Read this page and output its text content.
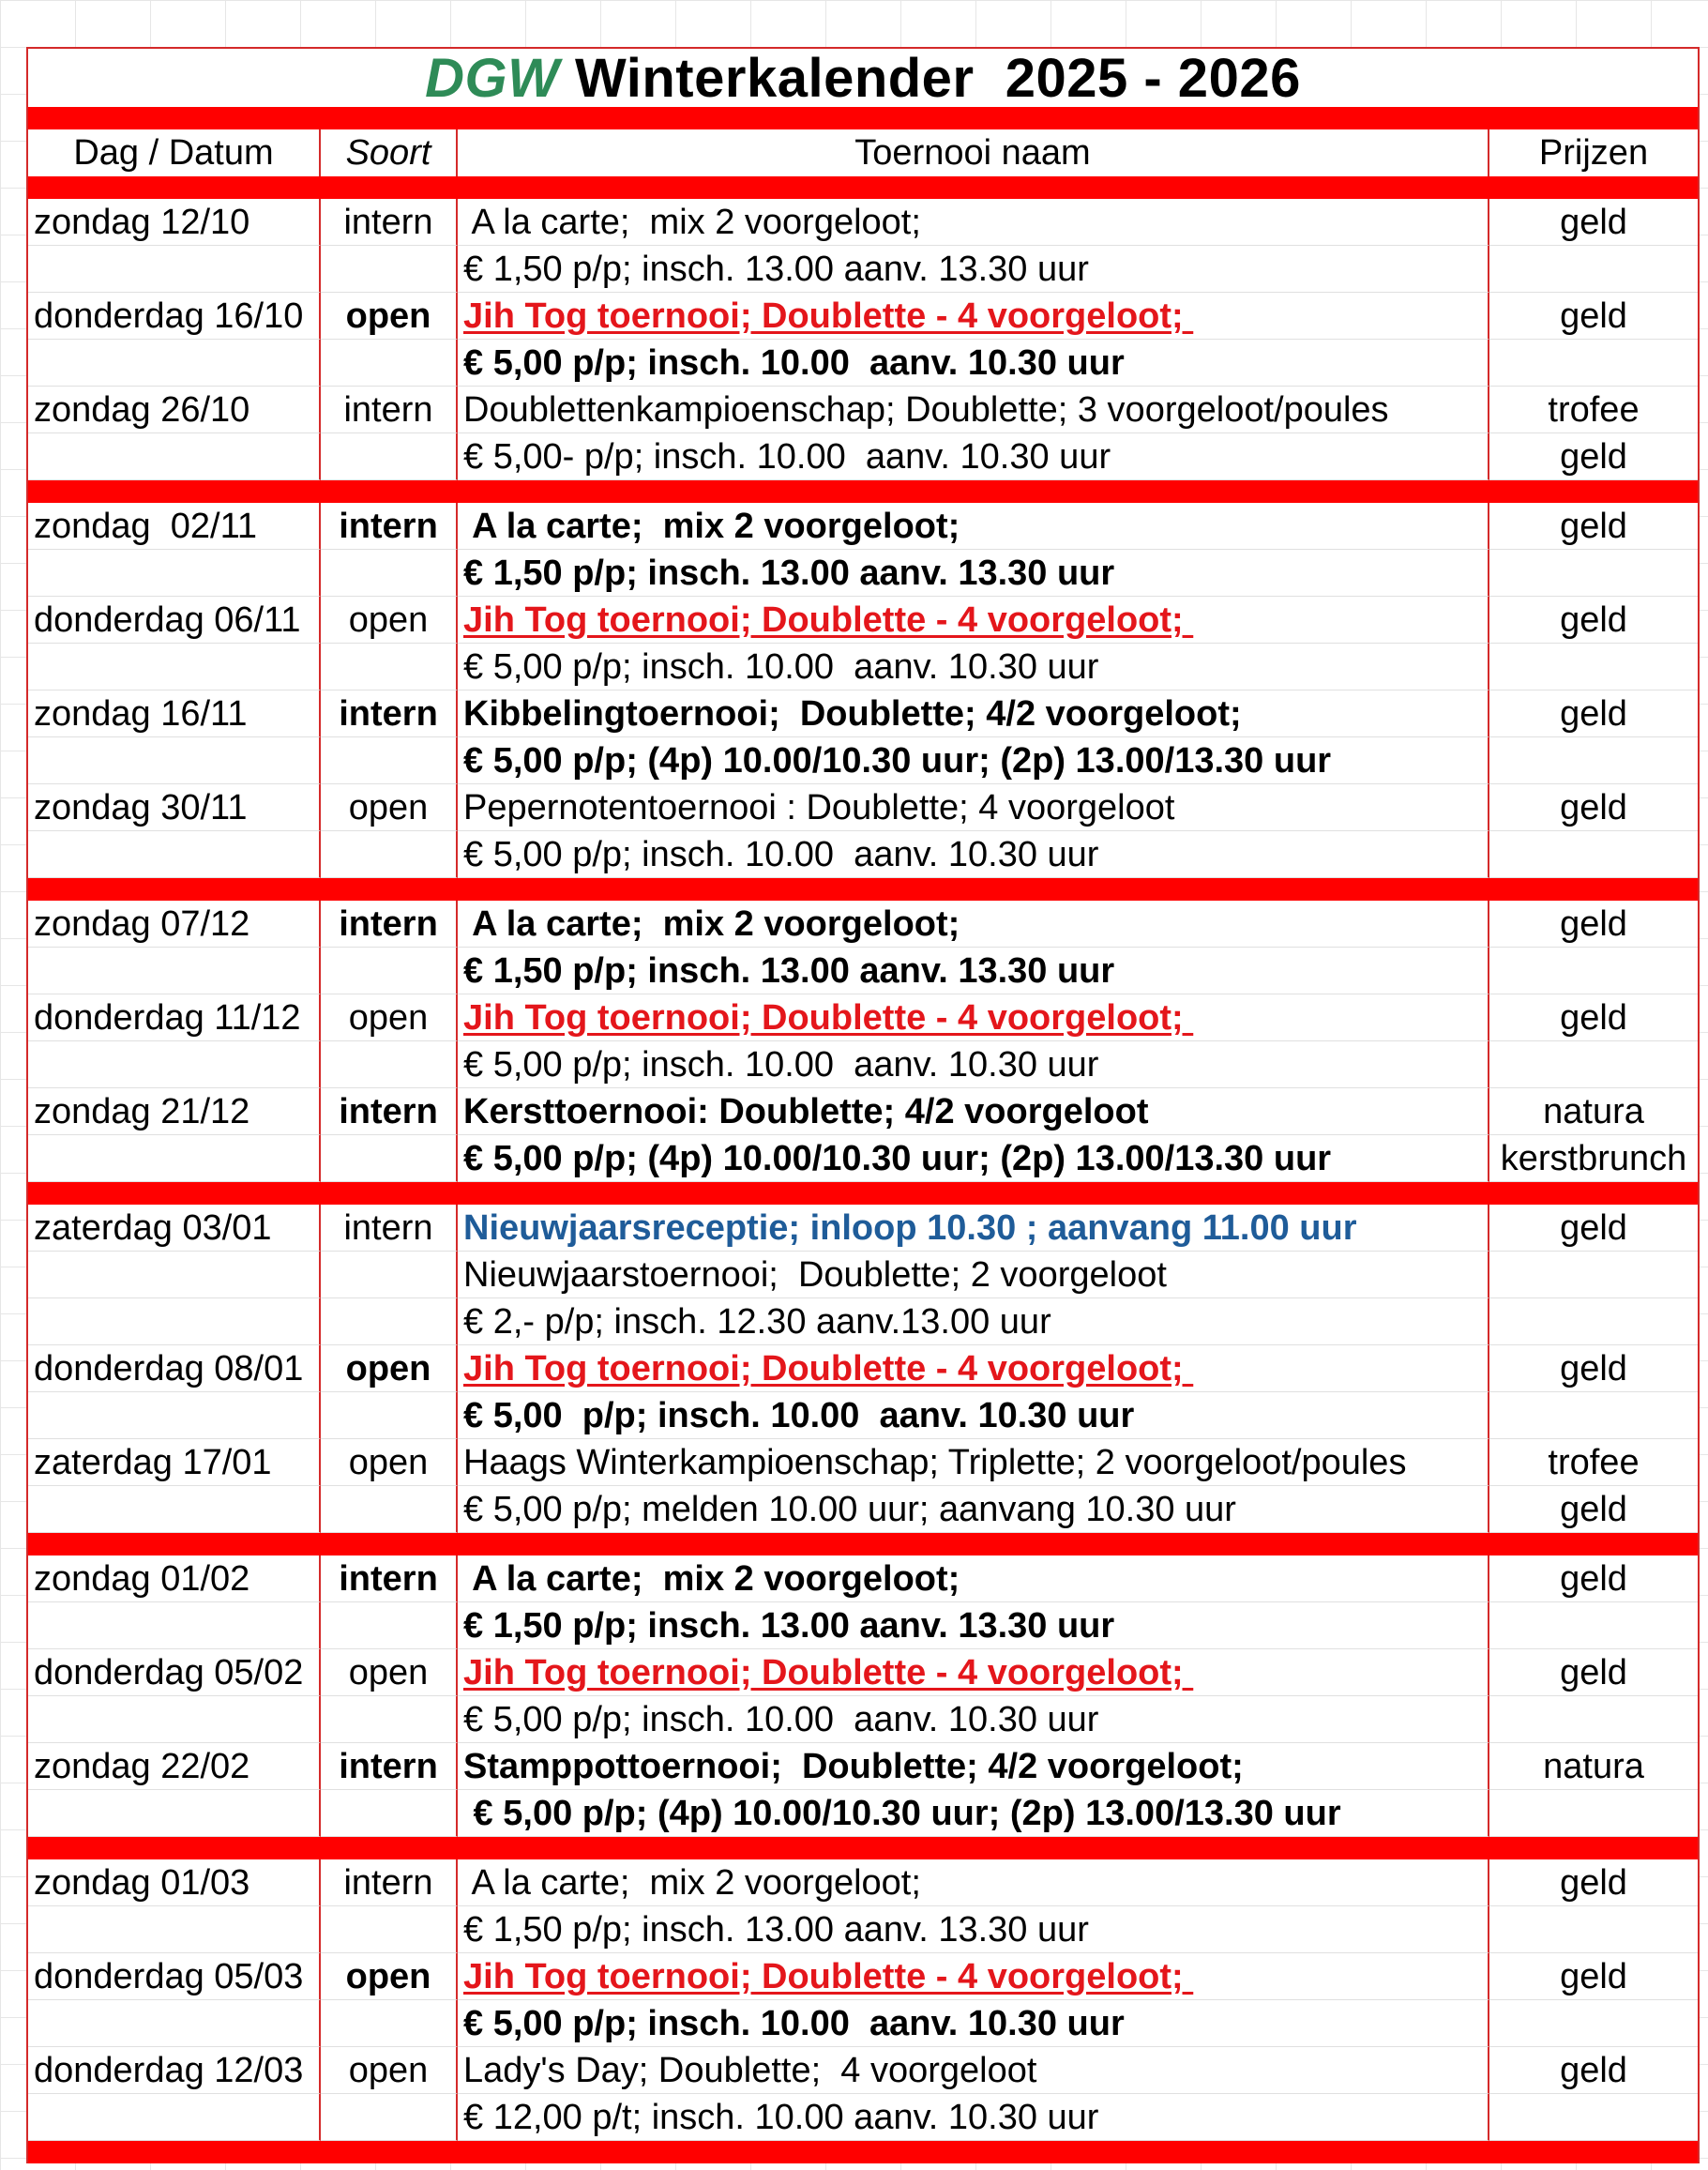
DGW Winterkalender  2025 - 2026
Dag / Datum	Soort	Toernooi naam	Prijzen
zondag 12/10	intern A la carte;  mix 2 voorgeloot;	geld
€ 1,50 p/p; insch. 13.00 aanv. 13.30 uur
donderdag 16/10	open Jih Tog toernooi; Doublette - 4 voorgeloot;	geld
€ 5,00 p/p; insch. 10.00  aanv. 10.30 uur
zondag 26/10	intern Doublettenkampioenschap; Doublette; 3 voorgeloot/poules	trofee
€ 5,00- p/p; insch. 10.00  aanv. 10.30 uur	geld
zondag  02/11	intern A la carte;  mix 2 voorgeloot;	geld
€ 1,50 p/p; insch. 13.00 aanv. 13.30 uur
donderdag 06/11	open Jih Tog toernooi; Doublette - 4 voorgeloot;	geld
€ 5,00 p/p; insch. 10.00  aanv. 10.30 uur
zondag 16/11	intern Kibbelingtoernooi;  Doublette; 4/2 voorgeloot;	geld
€ 5,00 p/p; (4p) 10.00/10.30 uur; (2p) 13.00/13.30 uur
zondag 30/11	open Pepernotentoernooi : Doublette; 4 voorgeloot	geld
€ 5,00 p/p; insch. 10.00  aanv. 10.30 uur
zondag 07/12	intern A la carte;  mix 2 voorgeloot;	geld
€ 1,50 p/p; insch. 13.00 aanv. 13.30 uur
donderdag 11/12	open Jih Tog toernooi; Doublette - 4 voorgeloot;	geld
€ 5,00 p/p; insch. 10.00  aanv. 10.30 uur
zondag 21/12	intern Kersttoernooi: Doublette; 4/2 voorgeloot	natura
€ 5,00 p/p; (4p) 10.00/10.30 uur; (2p) 13.00/13.30 uur	kerstbrunch
zaterdag 03/01	intern Nieuwjaarsreceptie; inloop 10.30 ; aanvang 11.00 uur	geld
Nieuwjaarstoernooi;  Doublette; 2 voorgeloot
€ 2,- p/p; insch. 12.30 aanv.13.00 uur
donderdag 08/01	open Jih Tog toernooi; Doublette - 4 voorgeloot;	geld
€ 5,00  p/p; insch. 10.00  aanv. 10.30 uur
zaterdag 17/01	open Haags Winterkampioenschap; Triplette; 2 voorgeloot/poules	trofee
€ 5,00 p/p; melden 10.00 uur; aanvang 10.30 uur	geld
zondag 01/02	intern A la carte;  mix 2 voorgeloot;	geld
€ 1,50 p/p; insch. 13.00 aanv. 13.30 uur
donderdag 05/02	open Jih Tog toernooi; Doublette - 4 voorgeloot;	geld
€ 5,00 p/p; insch. 10.00  aanv. 10.30 uur
zondag 22/02	intern Stamppottoernooi;  Doublette; 4/2 voorgeloot;	natura
€ 5,00 p/p; (4p) 10.00/10.30 uur; (2p) 13.00/13.30 uur
zondag 01/03	intern A la carte;  mix 2 voorgeloot;	geld
€ 1,50 p/p; insch. 13.00 aanv. 13.30 uur
donderdag 05/03	open Jih Tog toernooi; Doublette - 4 voorgeloot;	geld
€ 5,00 p/p; insch. 10.00  aanv. 10.30 uur
donderdag 12/03	open Lady's Day; Doublette;  4 voorgeloot	geld
€ 12,00 p/t; insch. 10.00 aanv. 10.30 uur
